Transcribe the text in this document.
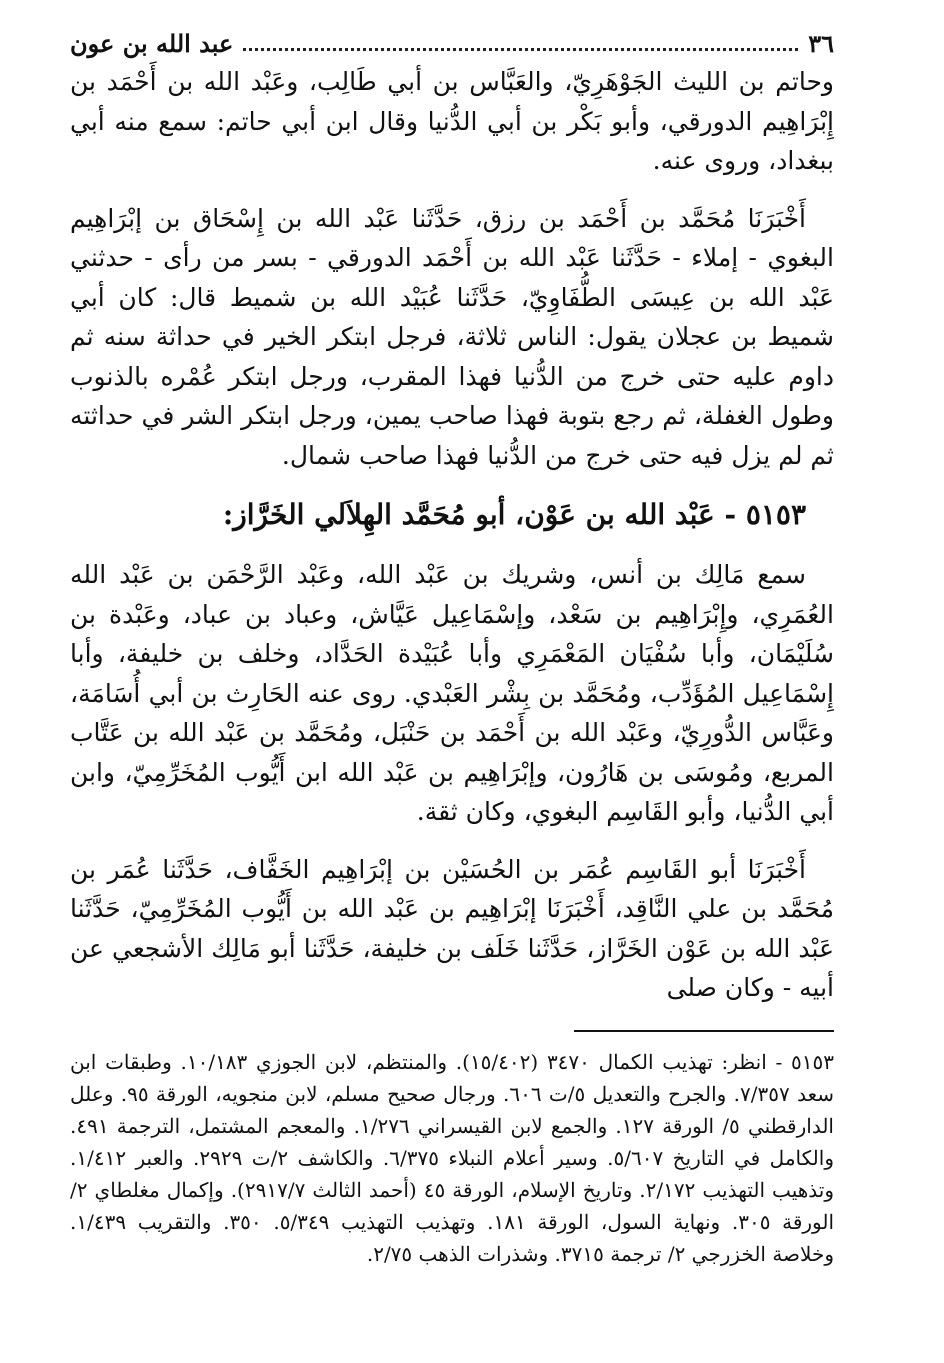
٣٦
عبد الله بن عون

وحاتم بن الليث الجَوْهَرِيّ، والعَبَّاس بن أبي طَالِب، وعَبْد الله بن أَحْمَد بن إِبْرَاهِيم الدورقي، وأبو بَكْر بن أبي الدُّنيا وقال ابن أبي حاتم: سمع منه أبي ببغداد، وروى عنه.

أَخْبَرَنَا مُحَمَّد بن أَحْمَد بن رزق، حَدَّثَنا عَبْد الله بن إِسْحَاق بن إبْرَاهِيم البغوي - إملاء - حَدَّثَنا عَبْد الله بن أَحْمَد الدورقي - بسر من رأى - حدثني عَبْد الله بن عِيسَى الطُّفَاوِيّ، حَدَّثَنا عُبَيْد الله بن شميط قال: كان أبي شميط بن عجلان يقول: الناس ثلاثة، فرجل ابتكر الخير في حداثة سنه ثم داوم عليه حتى خرج من الدُّنيا فهذا المقرب، ورجل ابتكر عُمْره بالذنوب وطول الغفلة، ثم رجع بتوبة فهذا صاحب يمين، ورجل ابتكر الشر في حداثته ثم لم يزل فيه حتى خرج من الدُّنيا فهذا صاحب شمال.

٥١٥٣ - عَبْد الله بن عَوْن، أبو مُحَمَّد الهِلاَلي الخَرَّاز:

سمع مَالِك بن أنس، وشريك بن عَبْد الله، وعَبْد الرَّحْمَن بن عَبْد الله العُمَرِي، وإِبْرَاهِيم بن سَعْد، وإسْمَاعِيل عَيَّاش، وعباد بن عباد، وعَبْدة بن سُلَيْمَان، وأبا سُفْيَان المَعْمَرِي وأبا عُبَيْدة الحَدَّاد، وخلف بن خليفة، وأبا إِسْمَاعِيل المُؤَدِّب، ومُحَمَّد بن بِشْر العَبْدي. روى عنه الحَارِث بن أبي أُسَامَة، وعَبَّاس الدُّورِيّ، وعَبْد الله بن أَحْمَد بن حَنْبَل، ومُحَمَّد بن عَبْد الله بن عَتَّاب المربع، ومُوسَى بن هَارُون، وإبْرَاهِيم بن عَبْد الله ابن أَيُّوب المُخَرِّمِيّ، وابن أبي الدُّنيا، وأبو القَاسِم البغوي، وكان ثقة.

أَخْبَرَنَا أبو القَاسِم عُمَر بن الحُسَيْن بن إبْرَاهِيم الخَفَّاف، حَدَّثَنا عُمَر بن مُحَمَّد بن علي النَّاقِد، أَخْبَرَنَا إبْرَاهِيم بن عَبْد الله بن أَيُّوب المُخَرِّمِيّ، حَدَّثَنا عَبْد الله بن عَوْن الخَرَّاز، حَدَّثَنا خَلَف بن خليفة، حَدَّثَنا أبو مَالِك الأشجعي عن أبيه - وكان صلى

٥١٥٣ - انظر: تهذيب الكمال ٣٤٧٠ (١٥/٤٠٢). والمنتظم، لابن الجوزي ١٠/١٨٣. وطبقات ابن سعد ٧/٣٥٧. والجرح والتعديل ٥/ت ٦٠٦. ورجال صحيح مسلم، لابن منجويه، الورقة ٩٥. وعلل الدارقطني ٥/ الورقة ١٢٧. والجمع لابن القيسراني ١/٢٧٦. والمعجم المشتمل، الترجمة ٤٩١. والكامل في التاريخ ٥/٦٠٧. وسير أعلام النبلاء ٦/٣٧٥. والكاشف ٢/ت ٢٩٢٩. والعبر ١/٤١٢. وتذهيب التهذيب ٢/١٧٢. وتاريخ الإسلام، الورقة ٤٥ (أحمد الثالث ٢٩١٧/٧). وإكمال مغلطاي ٢/ الورقة ٣٠٥. ونهاية السول، الورقة ١٨١. وتهذيب التهذيب ٥/٣٤٩. ٣٥٠. والتقريب ١/٤٣٩. وخلاصة الخزرجي ٢/ ترجمة ٣٧١٥. وشذرات الذهب ٢/٧٥.
